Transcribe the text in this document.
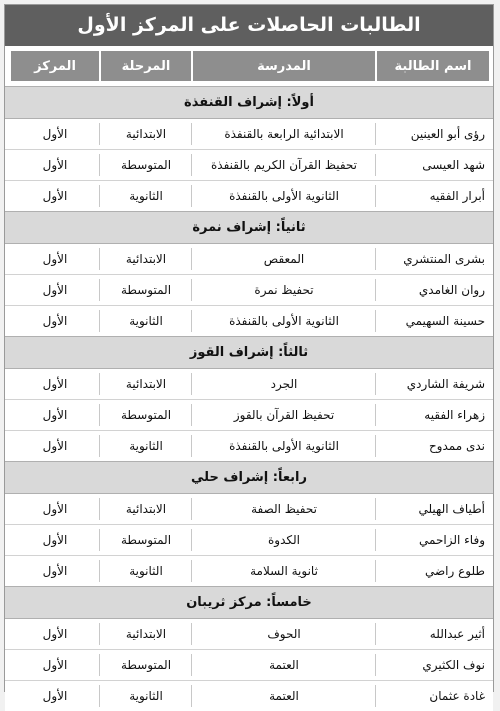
الطالبات الحاصلات على المركز الأول
اسم الطالبة
المدرسة
المرحلة
المركز
أولاً: إشراف القنفذة
رؤى أبو العينين
الابتدائية الرابعة بالقنفذة
الابتدائية
الأول
شهد العيسى
تحفيظ القرآن الكريم بالقنفذة
المتوسطة
الأول
أبرار الفقيه
الثانوية الأولى بالقنفذة
الثانوية
الأول
ثانياً: إشراف نمرة
بشرى المنتشري
المعقص
الابتدائية
الأول
روان الغامدي
تحفيظ نمرة
المتوسطة
الأول
حسينة السهيمي
الثانوية الأولى بالقنفذة
الثانوية
الأول
ثالثاً: إشراف القوز
شريفة الشاردي
الجرد
الابتدائية
الأول
زهراء الفقيه
تحفيظ القرآن بالقوز
المتوسطة
الأول
ندى ممدوح
الثانوية الأولى بالقنفذة
الثانوية
الأول
رابعاً: إشراف حلي
أطياف الهيلي
تحفيظ الصفة
الابتدائية
الأول
وفاء الزاحمي
الكدوة
المتوسطة
الأول
طلوع راضي
ثانوية السلامة
الثانوية
الأول
خامساً: مركز ثريبان
أثير عبدالله
الحوف
الابتدائية
الأول
نوف الكثيري
العتمة
المتوسطة
الأول
غادة عثمان
العتمة
الثانوية
الأول
